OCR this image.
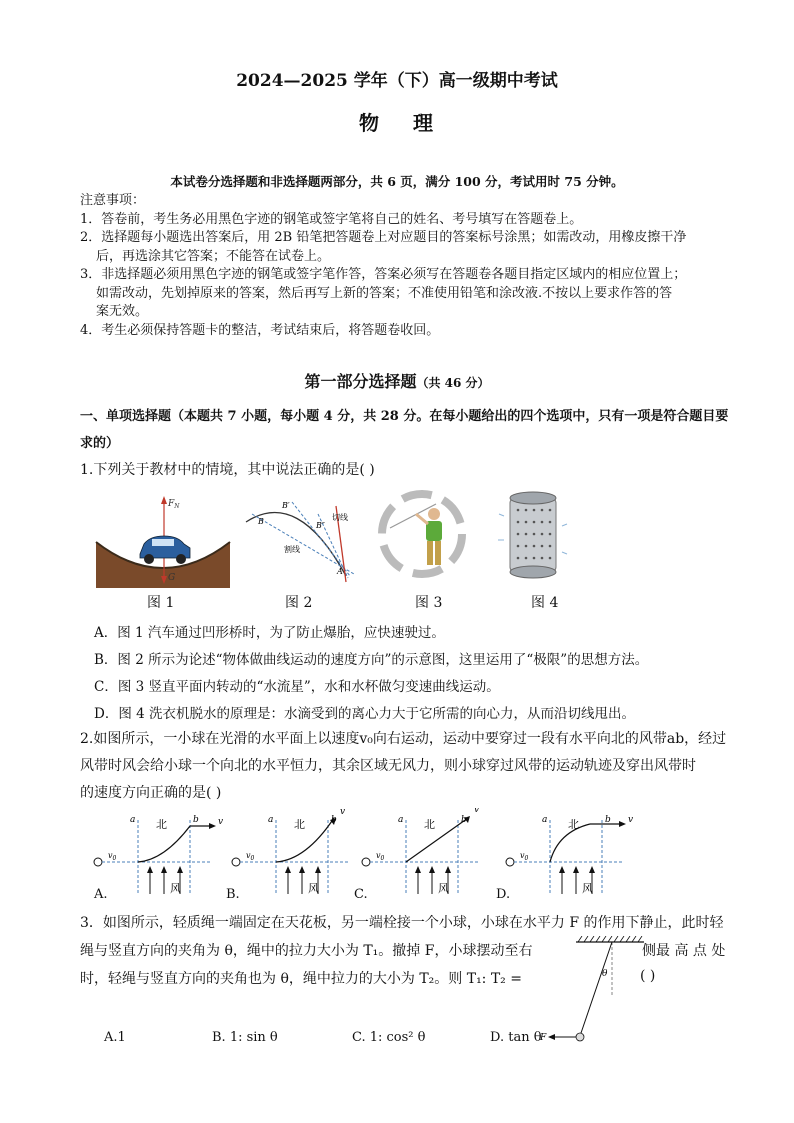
2024—2025 学年（下）高一级期中考试
物 理
本试卷分选择题和非选择题两部分，共 6 页，满分 100 分，考试用时 75 分钟。
注意事项：
1．答卷前，考生务必用黑色字迹的钢笔或签字笔将自己的姓名、考号填写在答题卷上。
2．选择题每小题选出答案后，用 2B 铅笔把答题卷上对应题目的答案标号涂黑；如需改动，用橡皮擦干净
后，再选涂其它答案；不能答在试卷上。
3．非选择题必须用黑色字迹的钢笔或签字笔作答，答案必须写在答题卷各题目指定区域内的相应位置上；
如需改动，先划掉原来的答案，然后再写上新的答案；不准使用铅笔和涂改液.不按以上要求作答的答
案无效。
4．考生必须保持答题卡的整洁，考试结束后，将答题卷收回。
第一部分选择题（共 46 分）
一、单项选择题（本题共 7 小题，每小题 4 分，共 28 分。在每小题给出的四个选项中，只有一项是符合题目要求的）
1.下列关于教材中的情境，其中说法正确的是( )
$F_N$
G
B
B′
B″
A
切线
割线
图 1	图 2	图 3	图 4
A．图 1 汽车通过凹形桥时，为了防止爆胎，应快速驶过。
B．图 2 所示为论述“物体做曲线运动的速度方向”的示意图，这里运用了“极限”的思想方法。
C．图 3 竖直平面内转动的“水流星”，水和水杯做匀变速曲线运动。
D．图 4 洗衣机脱水的原理是：水滴受到的离心力大于它所需的向心力，从而沿切线甩出。
2.如图所示，一小球在光滑的水平面上以速度v₀向右运动，运动中要穿过一段有水平向北的风带ab，经过
风带时风会给小球一个向北的水平恒力，其余区域无风力，则小球穿过风带的运动轨迹及穿出风带时
的速度方向正确的是( )
a	b
北
风
v
$v_0$
a	b
北
风
v
$v_0$
a	b
北
风
v
$v_0$
a	b
北
风
v
$v_0$
A.	B.	C.	D.
3．如图所示，轻质绳一端固定在天花板，另一端栓接一个小球，小球在水平力 F 的作用下静止，此时轻
绳与竖直方向的夹角为 θ，绳中的拉力大小为 T₁。撤掉 F，小球摆动至右	侧最 高 点 处
时，轻绳与竖直方向的夹角也为 θ，绳中拉力的大小为 T₂。则 T₁: T₂ =	( )
θ
F
A.1	B. 1: sin θ	C. 1: cos² θ	D. tan θ
